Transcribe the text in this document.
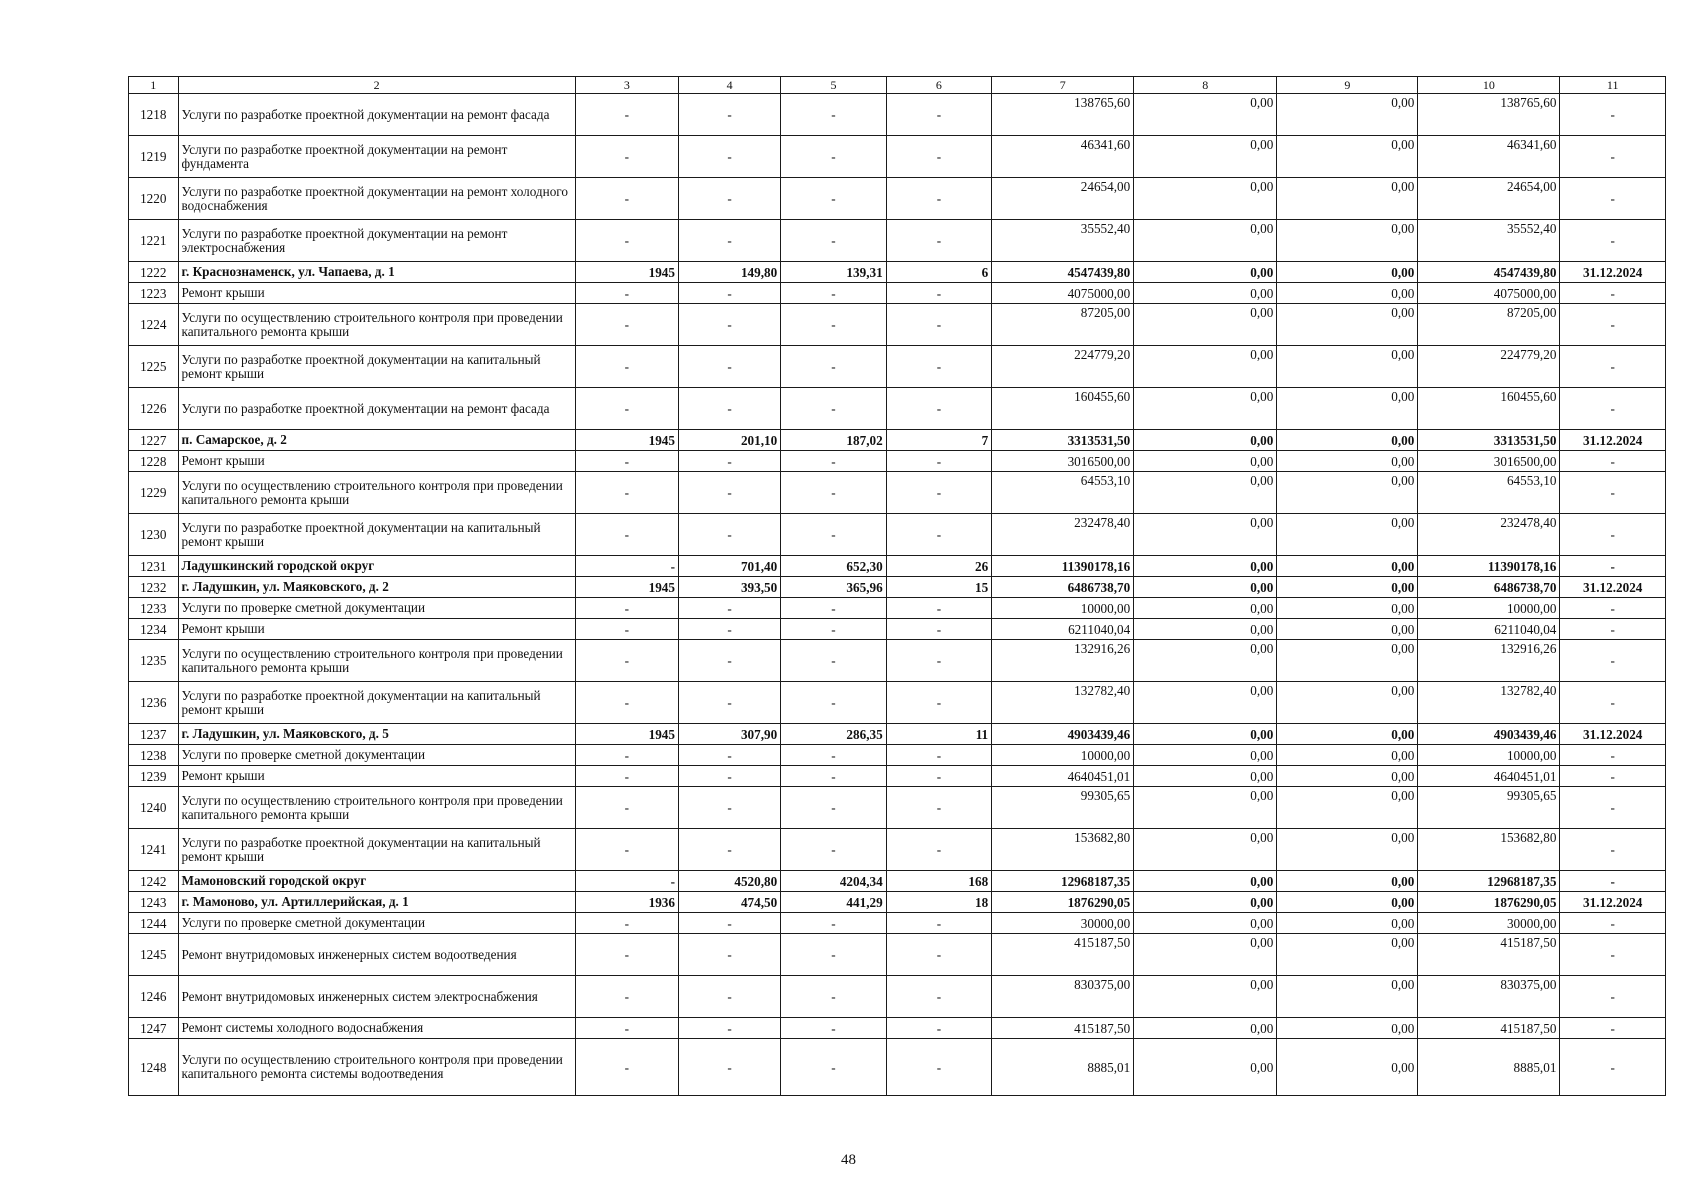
1	2	3	4	5	6	7	8	9	10	11
1218	Услуги по разработке проектной документации на ремонт фасада	-	-	-	-	138765,60	0,00	0,00	138765,60	-
1219	Услуги по разработке проектной документации на ремонт фундамента	-	-	-	-	46341,60	0,00	0,00	46341,60	-
1220	Услуги по разработке проектной документации на ремонт холодного водоснабжения	-	-	-	-	24654,00	0,00	0,00	24654,00	-
1221	Услуги по разработке проектной документации на ремонт электроснабжения	-	-	-	-	35552,40	0,00	0,00	35552,40	-
1222	г. Краснознаменск, ул. Чапаева, д. 1	1945	149,80	139,31	6	4547439,80	0,00	0,00	4547439,80	31.12.2024
1223	Ремонт крыши	-	-	-	-	4075000,00	0,00	0,00	4075000,00	-
1224	Услуги по осуществлению строительного контроля при проведении капитального ремонта крыши	-	-	-	-	87205,00	0,00	0,00	87205,00	-
1225	Услуги по разработке проектной документации на капитальный ремонт крыши	-	-	-	-	224779,20	0,00	0,00	224779,20	-
1226	Услуги по разработке проектной документации на ремонт фасада	-	-	-	-	160455,60	0,00	0,00	160455,60	-
1227	п. Самарское, д. 2	1945	201,10	187,02	7	3313531,50	0,00	0,00	3313531,50	31.12.2024
1228	Ремонт крыши	-	-	-	-	3016500,00	0,00	0,00	3016500,00	-
1229	Услуги по осуществлению строительного контроля при проведении капитального ремонта крыши	-	-	-	-	64553,10	0,00	0,00	64553,10	-
1230	Услуги по разработке проектной документации на капитальный ремонт крыши	-	-	-	-	232478,40	0,00	0,00	232478,40	-
1231	Ладушкинский городской округ	-	701,40	652,30	26	11390178,16	0,00	0,00	11390178,16	-
1232	г. Ладушкин, ул. Маяковского, д. 2	1945	393,50	365,96	15	6486738,70	0,00	0,00	6486738,70	31.12.2024
1233	Услуги по проверке сметной документации	-	-	-	-	10000,00	0,00	0,00	10000,00	-
1234	Ремонт крыши	-	-	-	-	6211040,04	0,00	0,00	6211040,04	-
1235	Услуги по осуществлению строительного контроля при проведении капитального ремонта крыши	-	-	-	-	132916,26	0,00	0,00	132916,26	-
1236	Услуги по разработке проектной документации на капитальный ремонт крыши	-	-	-	-	132782,40	0,00	0,00	132782,40	-
1237	г. Ладушкин, ул. Маяковского, д. 5	1945	307,90	286,35	11	4903439,46	0,00	0,00	4903439,46	31.12.2024
1238	Услуги по проверке сметной документации	-	-	-	-	10000,00	0,00	0,00	10000,00	-
1239	Ремонт крыши	-	-	-	-	4640451,01	0,00	0,00	4640451,01	-
1240	Услуги по осуществлению строительного контроля при проведении капитального ремонта крыши	-	-	-	-	99305,65	0,00	0,00	99305,65	-
1241	Услуги по разработке проектной документации на капитальный ремонт крыши	-	-	-	-	153682,80	0,00	0,00	153682,80	-
1242	Мамоновский городской округ	-	4520,80	4204,34	168	12968187,35	0,00	0,00	12968187,35	-
1243	г. Мамоново, ул. Артиллерийская, д. 1	1936	474,50	441,29	18	1876290,05	0,00	0,00	1876290,05	31.12.2024
1244	Услуги по проверке сметной документации	-	-	-	-	30000,00	0,00	0,00	30000,00	-
1245	Ремонт внутридомовых инженерных систем водоотведения	-	-	-	-	415187,50	0,00	0,00	415187,50	-
1246	Ремонт внутридомовых инженерных систем электроснабжения	-	-	-	-	830375,00	0,00	0,00	830375,00	-
1247	Ремонт системы холодного водоснабжения	-	-	-	-	415187,50	0,00	0,00	415187,50	-
1248	Услуги по осуществлению строительного контроля при проведении капитального ремонта системы водоотведения	-	-	-	-	8885,01	0,00	0,00	8885,01	-
48
